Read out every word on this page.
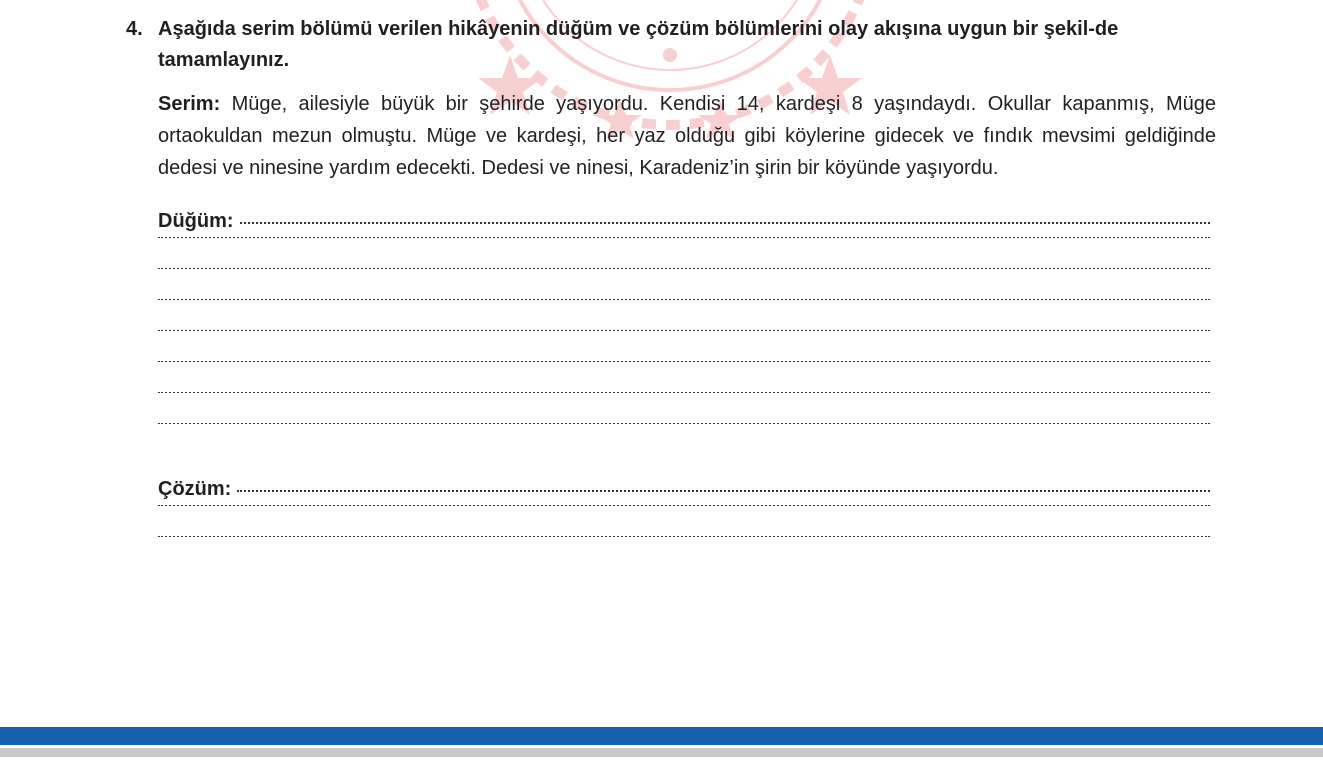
4. Aşağıda serim bölümü verilen hikâyenin düğüm ve çözüm bölümlerini olay akışına uygun bir şekil-de tamamlayınız.
Serim: Müge, ailesiyle büyük bir şehirde yaşıyordu. Kendisi 14, kardeşi 8 yaşındaydı. Okullar kapanmış, Müge ortaokuldan mezun olmuştu. Müge ve kardeşi, her yaz olduğu gibi köylerine gidecek ve fındık mevsimi geldiğinde dedesi ve ninesine yardım edecekti. Dedesi ve ninesi, Karadeniz’in şirin bir köyünde yaşıyordu.
Düğüm:
Çözüm:
